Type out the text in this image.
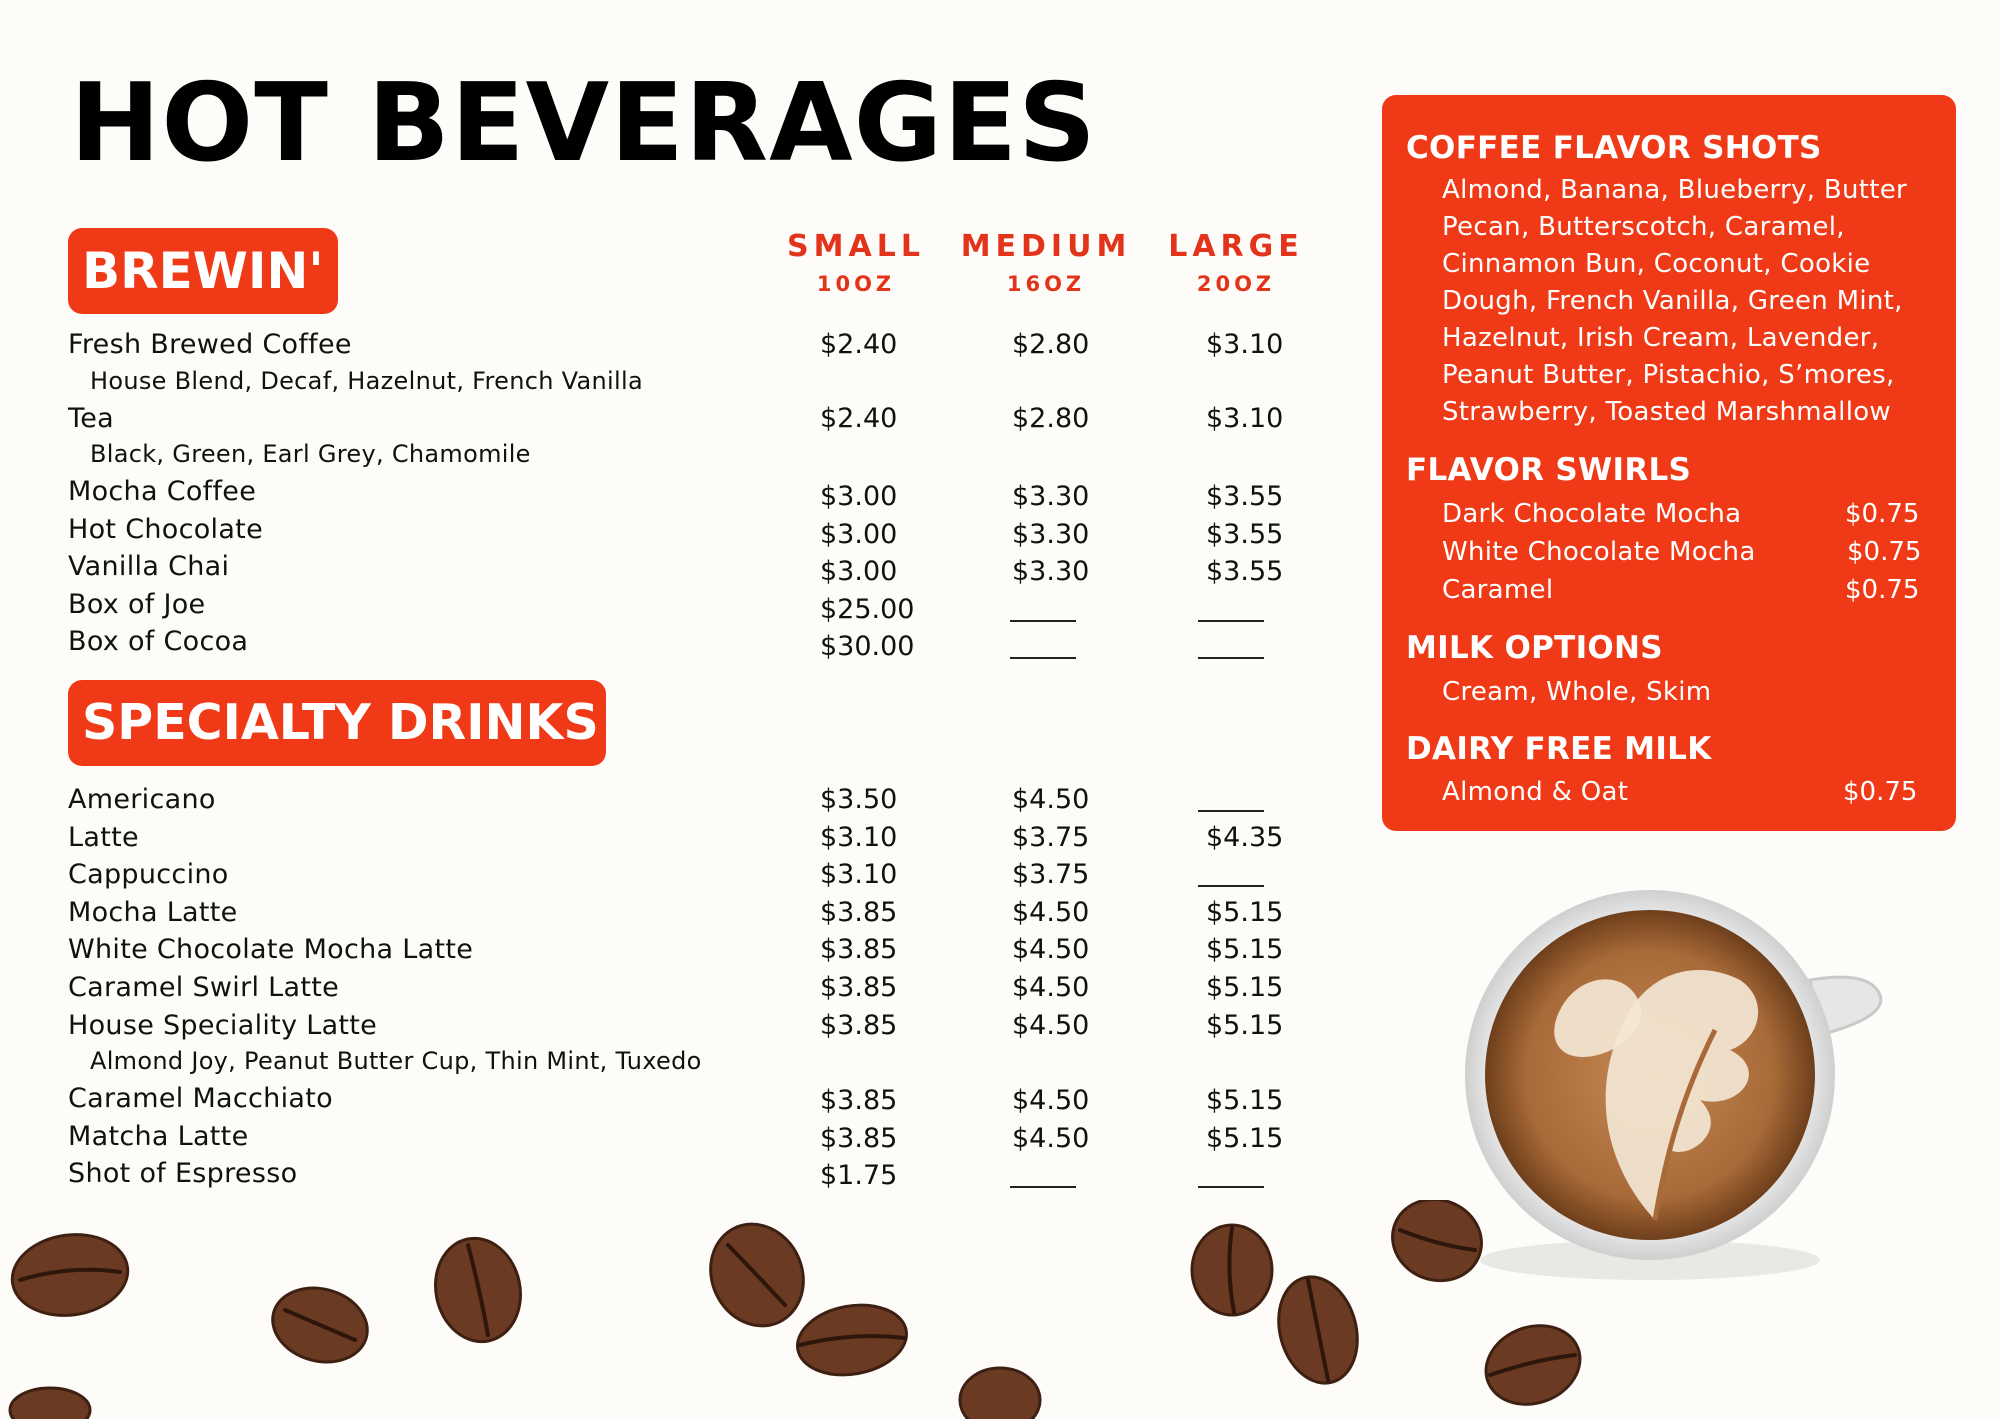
HOT BEVERAGES
BREWIN'
SPECIALTY DRINKS
SMALL
10OZ
MEDIUM
16OZ
LARGE
20OZ
Fresh Brewed Coffee	$2.40	$2.80	$3.10
House Blend, Decaf, Hazelnut, French Vanilla
Tea	$2.40	$2.80	$3.10
Black, Green, Earl Grey, Chamomile
Mocha Coffee	$3.00	$3.30	$3.55
Hot Chocolate	$3.00	$3.30	$3.55
Vanilla Chai	$3.00	$3.30	$3.55
Box of Joe	$25.00
Box of Cocoa	$30.00
Americano	$3.50	$4.50
Latte	$3.10	$3.75	$4.35
Cappuccino	$3.10	$3.75
Mocha Latte	$3.85	$4.50	$5.15
White Chocolate Mocha Latte	$3.85	$4.50	$5.15
Caramel Swirl Latte	$3.85	$4.50	$5.15
House Speciality Latte	$3.85	$4.50	$5.15
Almond Joy, Peanut Butter Cup, Thin Mint, Tuxedo
Caramel Macchiato	$3.85	$4.50	$5.15
Matcha Latte	$3.85	$4.50	$5.15
Shot of Espresso	$1.75
COFFEE FLAVOR SHOTS
Almond, Banana, Blueberry, Butter
Pecan, Butterscotch, Caramel,
Cinnamon Bun, Coconut, Cookie
Dough, French Vanilla, Green Mint,
Hazelnut, Irish Cream, Lavender,
Peanut Butter, Pistachio, S’mores,
Strawberry, Toasted Marshmallow
FLAVOR SWIRLS
Dark Chocolate Mocha	$0.75
White Chocolate Mocha	$0.75
Caramel	$0.75
MILK OPTIONS
Cream, Whole, Skim
DAIRY FREE MILK
Almond & Oat	$0.75
